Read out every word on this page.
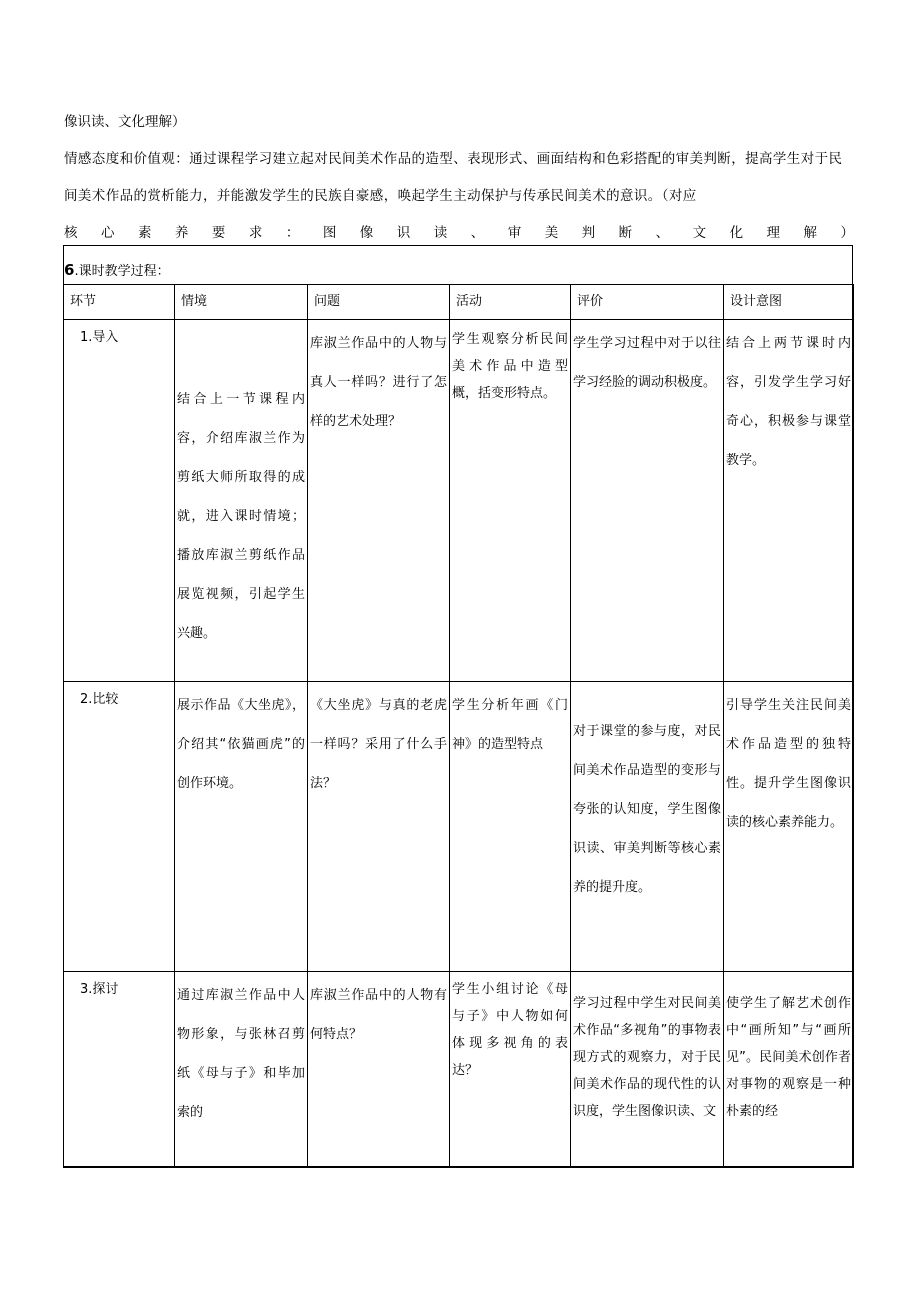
像识读、文化理解）
情感态度和价值观：通过课程学习建立起对民间美术作品的造型、表现形式、画面结构和色彩搭配的审美判断，提高学生对于民间美术作品的赏析能力，并能激发学生的民族自豪感，唤起学生主动保护与传承民间美术的意识。（对应
核心素养要求：图像识读、审美判断、文化理解）
6.课时教学过程：
环节	情境	问题	活动	评价	设计意图
1.导入	结合上一节课程内容，介绍库淑兰作为剪纸大师所取得的成就，进入课时情境；播放库淑兰剪纸作品展览视频，引起学生兴趣。	库淑兰作品中的人物与真人一样吗？进行了怎样的艺术处理？	学生观察分析民间美术作品中造型概，括变形特点。	学生学习过程中对于以往学习经脸的调动积极度。	结合上两节课时内容，引发学生学习好奇心，积极参与课堂教学。
2.比较	展示作品《大坐虎》，介绍其“依猫画虎”的创作环境。	《大坐虎》与真的老虎一样吗？采用了什么手法？	学生分析年画《门神》的造型特点	对于课堂的参与度，对民间美术作品造型的变形与夸张的认知度，学生图像识读、审美判断等核心素养的提升度。	引导学生关注民间美术作品造型的独特性。提升学生图像识读的核心素养能力。
3.探讨	通过库淑兰作品中人物形象，与张林召剪纸《母与子》和毕加索的	库淑兰作品中的人物有何特点？	学生小组讨论《母与子》中人物如何体现多视角的表达？	学习过程中学生对民间美术作品“多视角”的事物表现方式的观察力，对于民间美术作品的现代性的认识度，学生图像识读、文	使学生了解艺术创作中“画所知”与“画所见”。民间美术创作者对事物的观察是一种朴素的经
